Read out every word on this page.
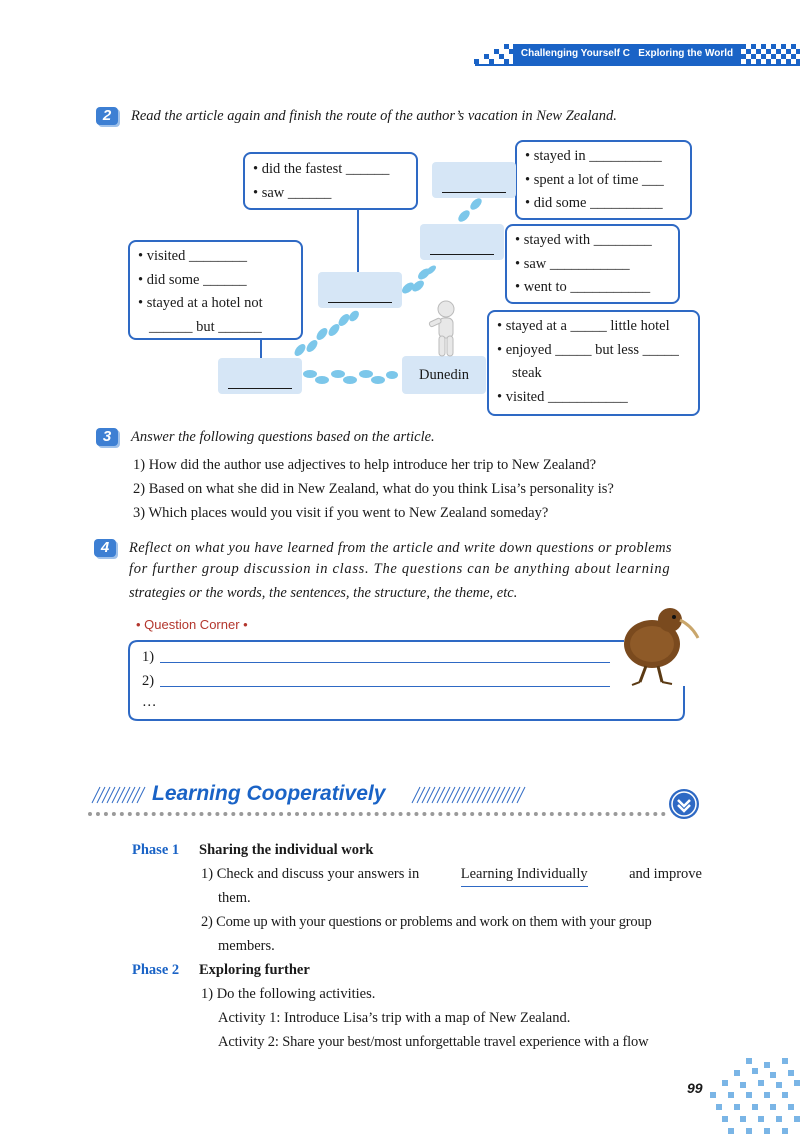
Challenging Yourself C Exploring the World
2	Read the article again and finish the route of the author’s vacation in New Zealand.
• did the fastest ______
• saw ______
• stayed in __________
• spent a lot of time ___
• did some __________
• visited ________
• did some ______
• stayed at a hotel not
______ but ______
• stayed with ________
• saw ___________
• went to ___________
• stayed at a _____ little hotel
• enjoyed _____ but less _____
steak
• visited ___________
Dunedin
3	Answer the following questions based on the article.
1) How did the author use adjectives to help introduce her trip to New Zealand?
2) Based on what she did in New Zealand, what do you think Lisa’s personality is?
3) Which places would you visit if you went to New Zealand someday?
4	Reflect on what you have learned from the article and write down questions or problems
for further group discussion in class. The questions can be anything about learning
strategies or the words, the sentences, the structure, the theme, etc.
• Question Corner •
1)
2)
…
Learning Cooperatively
Phase 1 Sharing the individual work
1) Check and discuss your answers in	Learning Individually	and improve
them.
2) Come up with your questions or problems and work on them with your group
members.
Phase 2 Exploring further
1) Do the following activities.
Activity 1: Introduce Lisa’s trip with a map of New Zealand.
Activity 2: Share your best/most unforgettable travel experience with a flow
99
